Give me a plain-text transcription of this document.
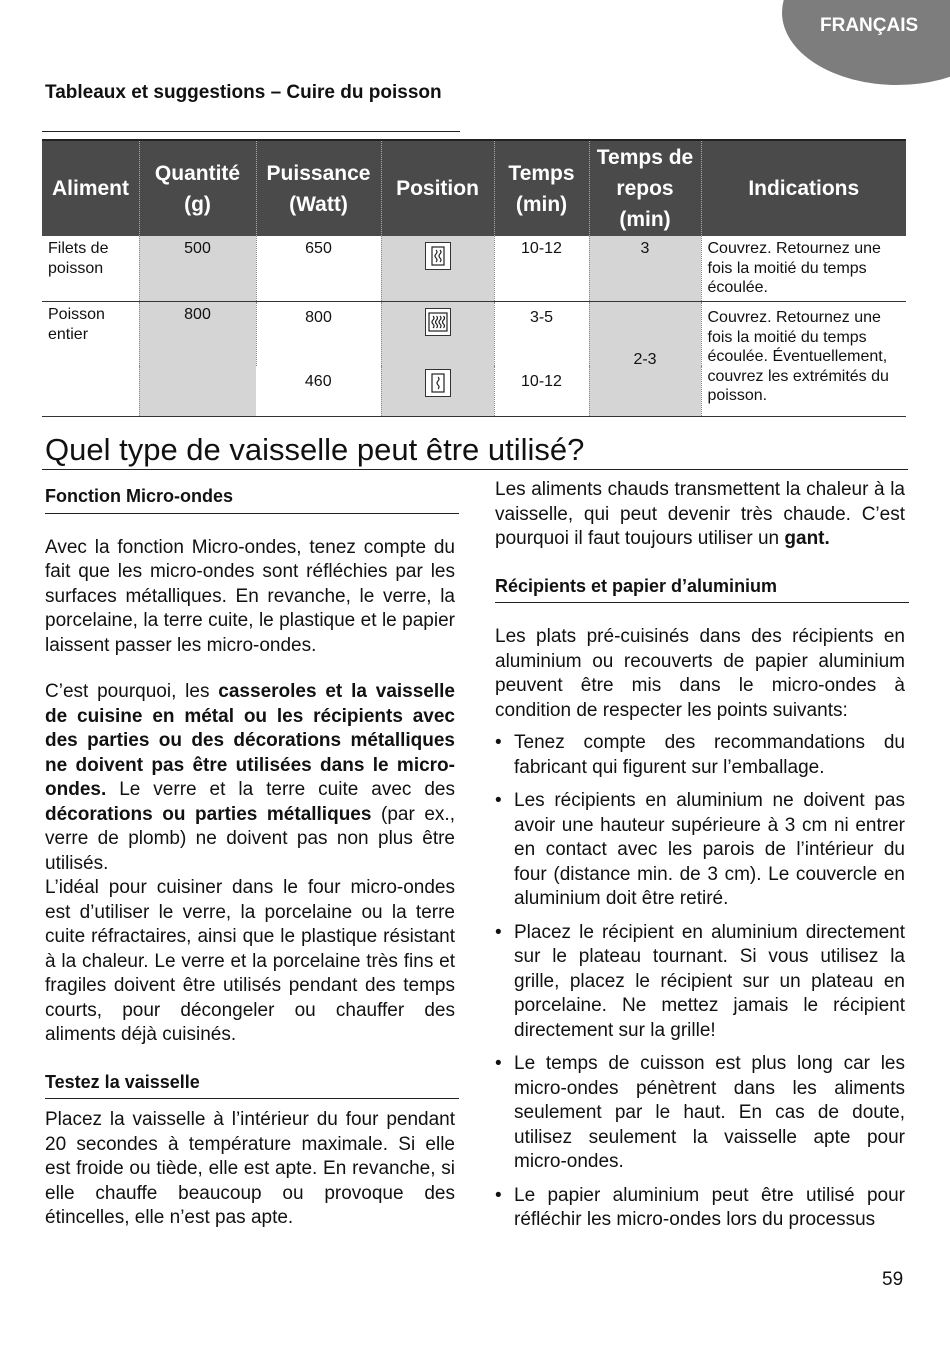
FRANÇAIS
Tableaux et suggestions – Cuire du poisson
Aliment	Quantité (g)	Puissance (Watt)	Position	Temps (min)	Temps de repos (min)	Indications
Filets de poisson	500	650		10-12	3	Couvrez. Retournez une fois la moitié du temps écoulée.
Poisson entier	800	800		3-5	2-3	Couvrez. Retournez une fois la moitié du temps écoulée. Éventuellement, couvrez les extrémités du poisson.
		460		10-12		
Quel type de vaisselle peut être utilisé?
Fonction Micro-ondes

Avec la fonction Micro-ondes, tenez compte du fait que les micro-ondes sont réfléchies par les surfaces métalliques. En revanche, le verre, la porcelaine, la terre cuite, le plastique et le papier laissent passer les micro-ondes.

C’est pourquoi, les casseroles et la vaisselle de cuisine en métal ou les récipients avec des parties ou des décorations métalliques ne doivent pas être utilisées dans le micro-ondes. Le verre et la terre cuite avec des décorations ou parties métalliques (par ex., verre de plomb) ne doivent pas non plus être utilisés.

L’idéal pour cuisiner dans le four micro-ondes est d’utiliser le verre, la porcelaine ou la terre cuite réfractaires, ainsi que le plastique résistant à la chaleur. Le verre et la porcelaine très fins et fragiles doivent être utilisés pendant des temps courts, pour décongeler ou chauffer des aliments déjà cuisinés.

Testez la vaisselle

Placez la vaisselle à l’intérieur du four pendant 20 secondes à température maximale. Si elle est froide ou tiède, elle est apte. En revanche, si elle chauffe beaucoup ou provoque des étincelles, elle n’est pas apte.

Les aliments chauds transmettent la chaleur à la vaisselle, qui peut devenir très chaude. C’est pourquoi il faut toujours utiliser un gant.

Récipients et papier d’aluminium

Les plats pré-cuisinés dans des récipients en aluminium ou recouverts de papier aluminium peuvent être mis dans le micro-ondes à condition de respecter les points suivants:

• Tenez compte des recommandations du fabricant qui figurent sur l’emballage.
• Les récipients en aluminium ne doivent pas avoir une hauteur supérieure à 3 cm ni entrer en contact avec les parois de l’intérieur du four (distance min. de 3 cm). Le couvercle en aluminium doit être retiré.
• Placez le récipient en aluminium directement sur le plateau tournant. Si vous utilisez la grille, placez le récipient sur un plateau en porcelaine. Ne mettez jamais le récipient directement sur la grille!
• Le temps de cuisson est plus long car les micro-ondes pénètrent dans les aliments seulement par le haut. En cas de doute, utilisez seulement la vaisselle apte pour micro-ondes.
• Le papier aluminium peut être utilisé pour réfléchir les micro-ondes lors du processus
59
